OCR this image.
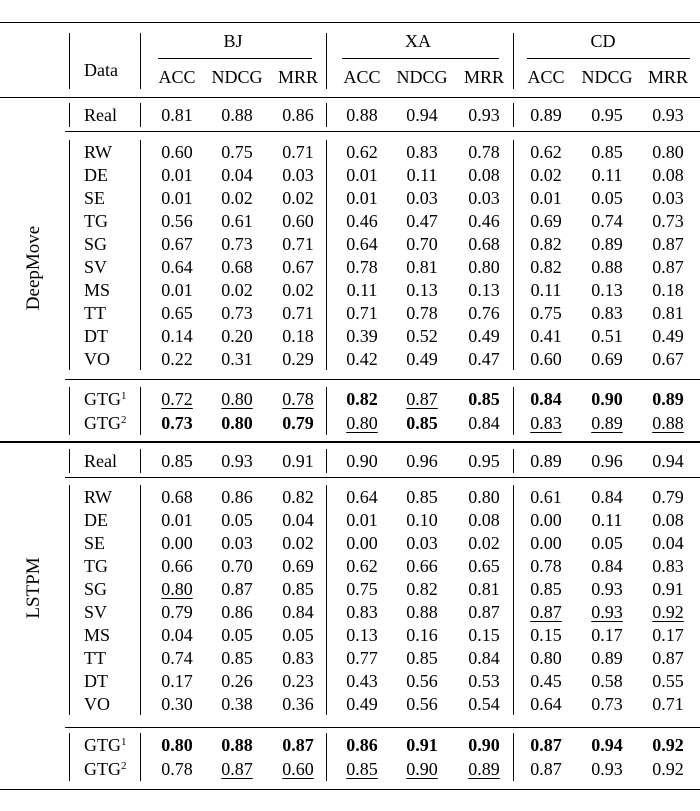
BJ	XA	CD
Data ACC NDCG MRR ACC NDCG MRR ACC NDCG MRR
DeepMove
Real 0.81 0.88 0.86 0.88 0.94 0.93 0.89 0.95 0.93
RW	0.60 0.75 0.71 0.62 0.83 0.78 0.62 0.85 0.80
DE	0.01 0.04 0.03 0.01 0.11 0.08 0.02 0.11 0.08
SE	0.01 0.02 0.02 0.01 0.03 0.03 0.01 0.05 0.03
TG	0.56 0.61 0.60 0.46 0.47 0.46 0.69 0.74 0.73
SG	0.67 0.73 0.71 0.64 0.70 0.68 0.82 0.89 0.87
SV	0.64 0.68 0.67 0.78 0.81 0.80 0.82 0.88 0.87
MS	0.01 0.02 0.02 0.11 0.13 0.13 0.11 0.13 0.18
TT	0.65 0.73 0.71 0.71 0.78 0.76 0.75 0.83 0.81
DT	0.14 0.20 0.18 0.39 0.52 0.49 0.41 0.51 0.49
VO	0.22 0.31 0.29 0.42 0.49 0.47 0.60 0.69 0.67
GTG$^1$ 0.72 0.80 0.78 0.82 0.87 0.85 0.84 0.90 0.89
GTG$^2$ 0.73 0.80 0.79 0.80 0.85 0.84 0.83 0.89 0.88
LSTPM
Real 0.85 0.93 0.91 0.90 0.96 0.95 0.89 0.96 0.94
RW	0.68 0.86 0.82 0.64 0.85 0.80 0.61 0.84 0.79
DE	0.01 0.05 0.04 0.01 0.10 0.08 0.00 0.11 0.08
SE	0.00 0.03 0.02 0.00 0.03 0.02 0.00 0.05 0.04
TG	0.66 0.70 0.69 0.62 0.66 0.65 0.78 0.84 0.83
SG	0.80 0.87 0.85 0.75 0.82 0.81 0.85 0.93 0.91
SV	0.79 0.86 0.84 0.83 0.88 0.87 0.87 0.93 0.92
MS	0.04 0.05 0.05 0.13 0.16 0.15 0.15 0.17 0.17
TT	0.74 0.85 0.83 0.77 0.85 0.84 0.80 0.89 0.87
DT	0.17 0.26 0.23 0.43 0.56 0.53 0.45 0.58 0.55
VO	0.30 0.38 0.36 0.49 0.56 0.54 0.64 0.73 0.71
GTG$^1$ 0.80 0.88 0.87 0.86 0.91 0.90 0.87 0.94 0.92
GTG$^2$ 0.78 0.87 0.60 0.85 0.90 0.89 0.87 0.93 0.92
